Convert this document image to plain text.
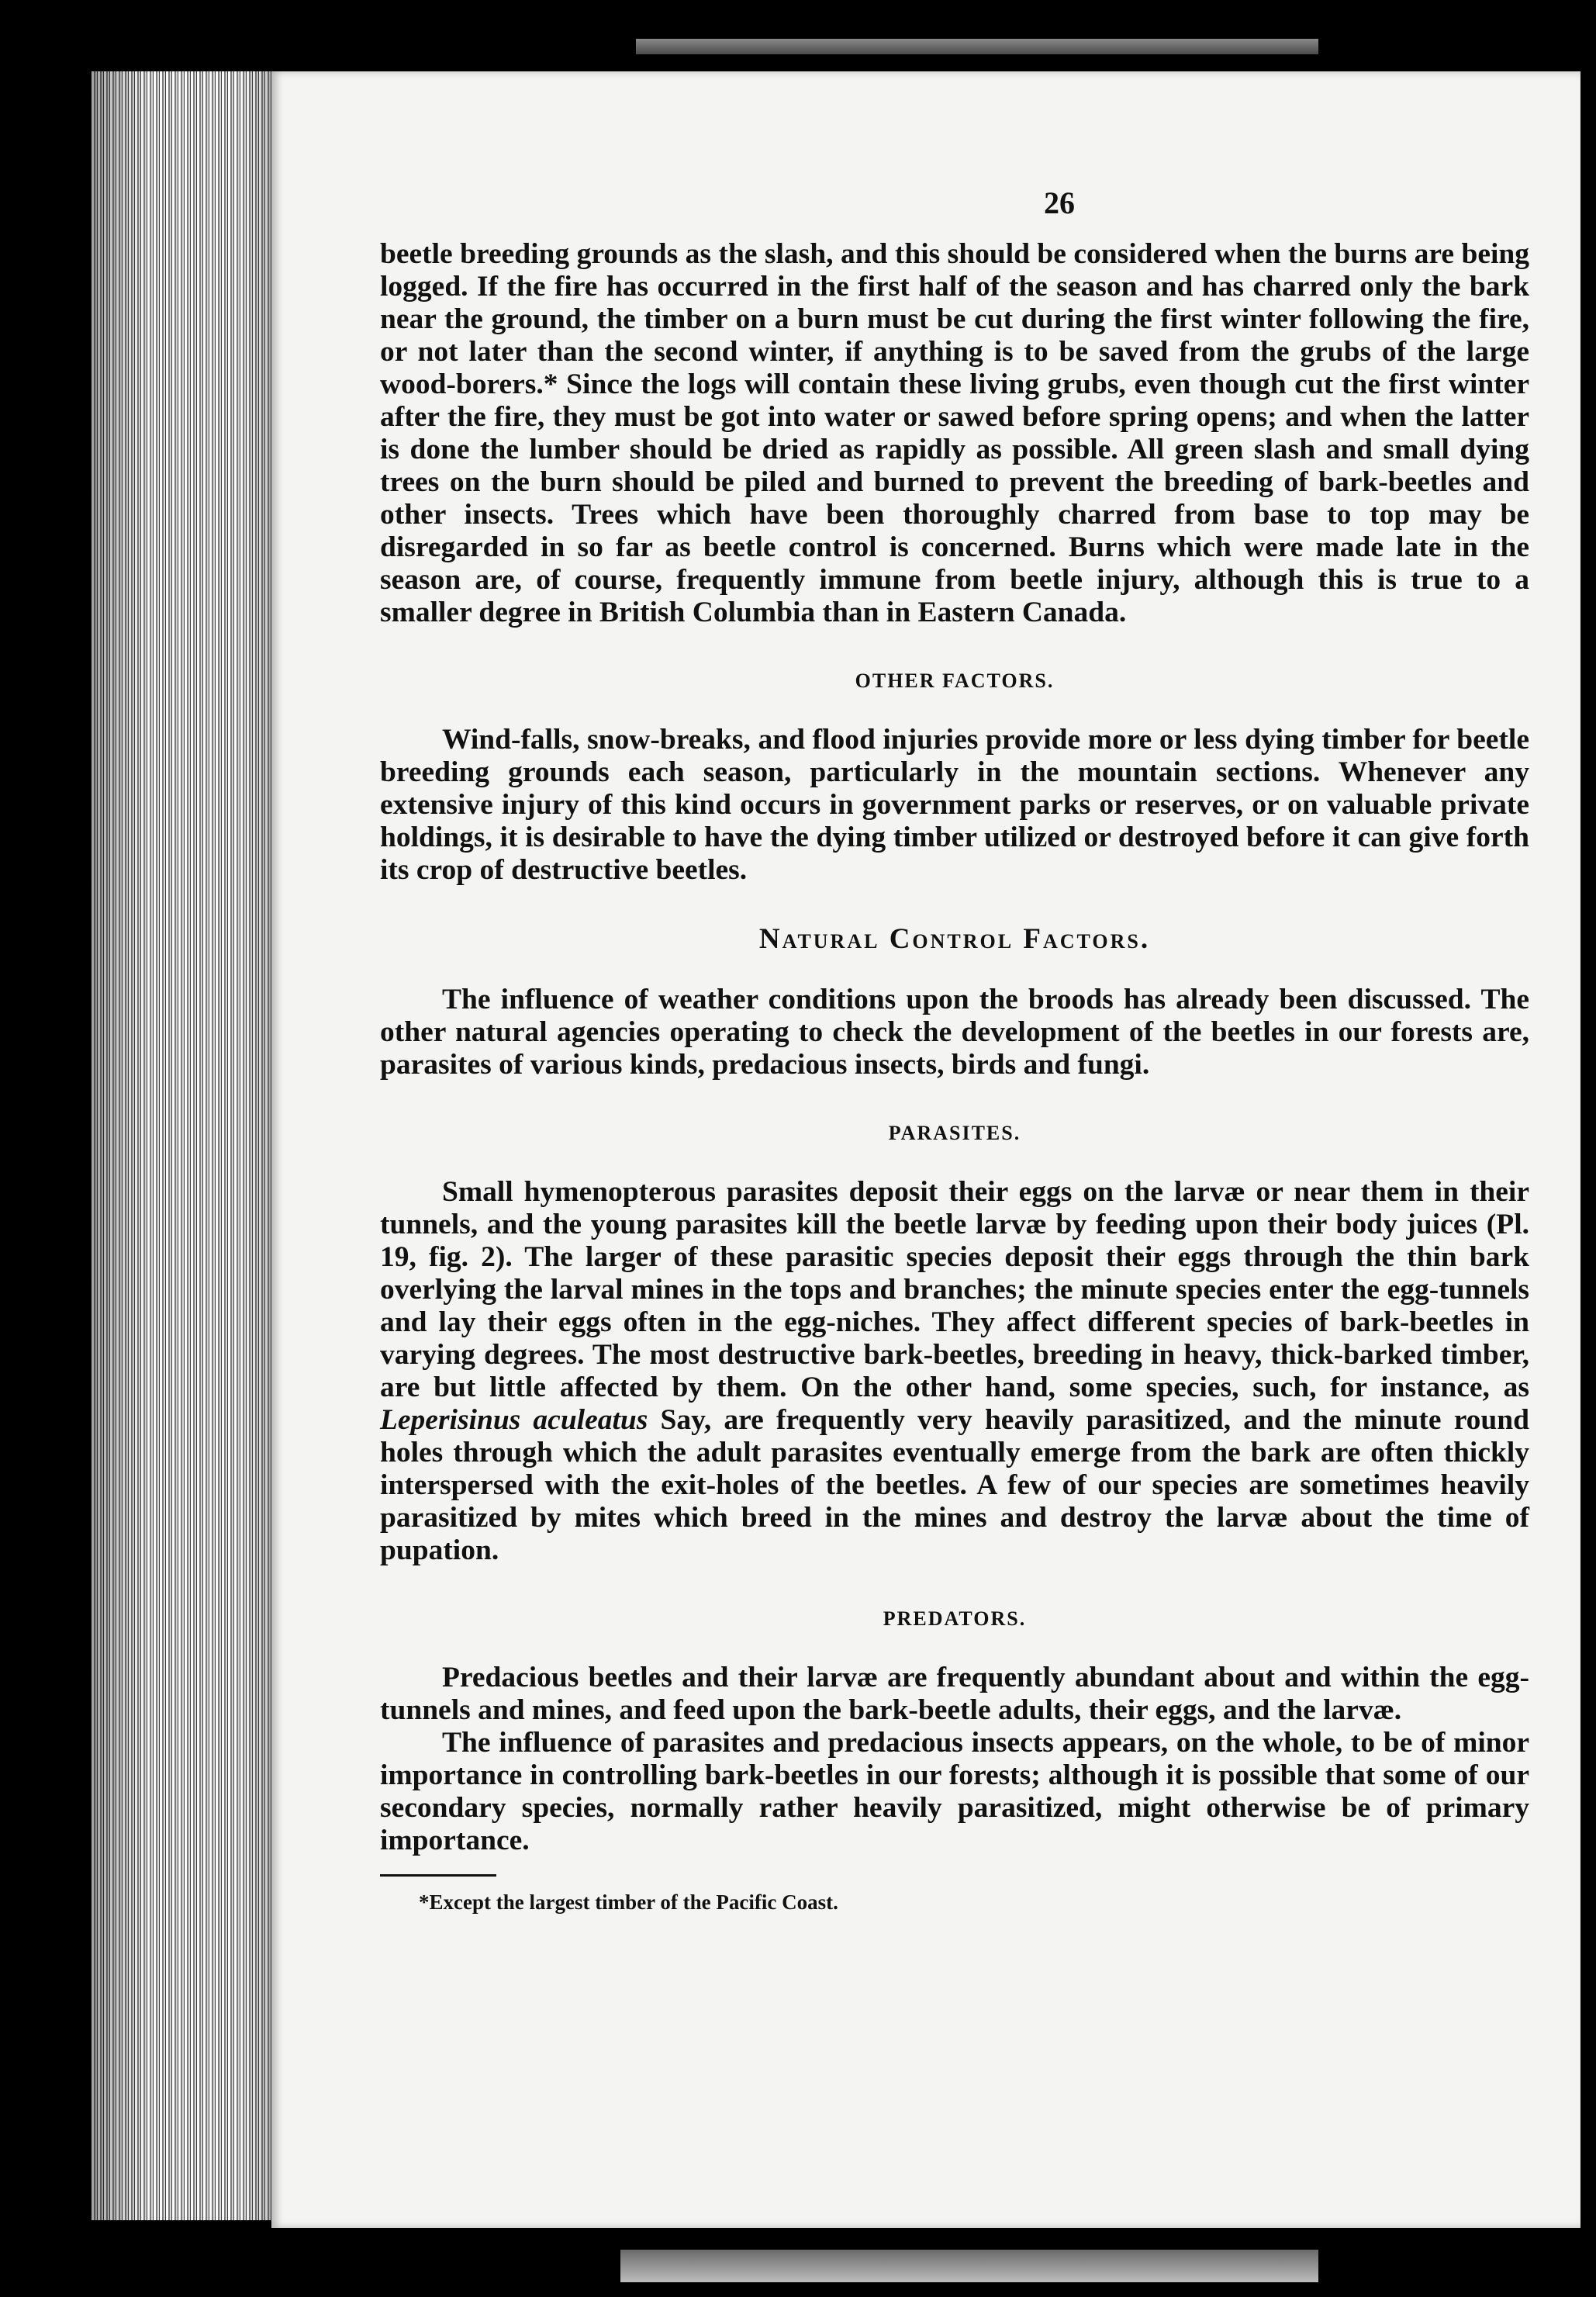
26

beetle breeding grounds as the slash, and this should be considered when the burns are being logged. If the fire has occurred in the first half of the season and has charred only the bark near the ground, the timber on a burn must be cut during the first winter following the fire, or not later than the second winter, if anything is to be saved from the grubs of the large wood-borers.* Since the logs will contain these living grubs, even though cut the first winter after the fire, they must be got into water or sawed before spring opens; and when the latter is done the lumber should be dried as rapidly as possible. All green slash and small dying trees on the burn should be piled and burned to prevent the breeding of bark-beetles and other insects. Trees which have been thoroughly charred from base to top may be disregarded in so far as beetle control is concerned. Burns which were made late in the season are, of course, frequently immune from beetle injury, although this is true to a smaller degree in British Columbia than in Eastern Canada.

OTHER FACTORS.

Wind-falls, snow-breaks, and flood injuries provide more or less dying timber for beetle breeding grounds each season, particularly in the mountain sections. Whenever any extensive injury of this kind occurs in government parks or reserves, or on valuable private holdings, it is desirable to have the dying timber utilized or destroyed before it can give forth its crop of destructive beetles.

Natural Control Factors.

The influence of weather conditions upon the broods has already been discussed. The other natural agencies operating to check the development of the beetles in our forests are, parasites of various kinds, predacious insects, birds and fungi.

PARASITES.

Small hymenopterous parasites deposit their eggs on the larvæ or near them in their tunnels, and the young parasites kill the beetle larvæ by feeding upon their body juices (Pl. 19, fig. 2). The larger of these parasitic species deposit their eggs through the thin bark overlying the larval mines in the tops and branches; the minute species enter the egg-tunnels and lay their eggs often in the egg-niches. They affect different species of bark-beetles in varying degrees. The most destructive bark-beetles, breeding in heavy, thick-barked timber, are but little affected by them. On the other hand, some species, such, for instance, as Leperisinus aculeatus Say, are frequently very heavily parasitized, and the minute round holes through which the adult parasites eventually emerge from the bark are often thickly interspersed with the exit-holes of the beetles. A few of our species are sometimes heavily parasitized by mites which breed in the mines and destroy the larvæ about the time of pupation.

PREDATORS.

Predacious beetles and their larvæ are frequently abundant about and within the egg-tunnels and mines, and feed upon the bark-beetle adults, their eggs, and the larvæ.

The influence of parasites and predacious insects appears, on the whole, to be of minor importance in controlling bark-beetles in our forests; although it is possible that some of our secondary species, normally rather heavily parasitized, might otherwise be of primary importance.

*Except the largest timber of the Pacific Coast.
